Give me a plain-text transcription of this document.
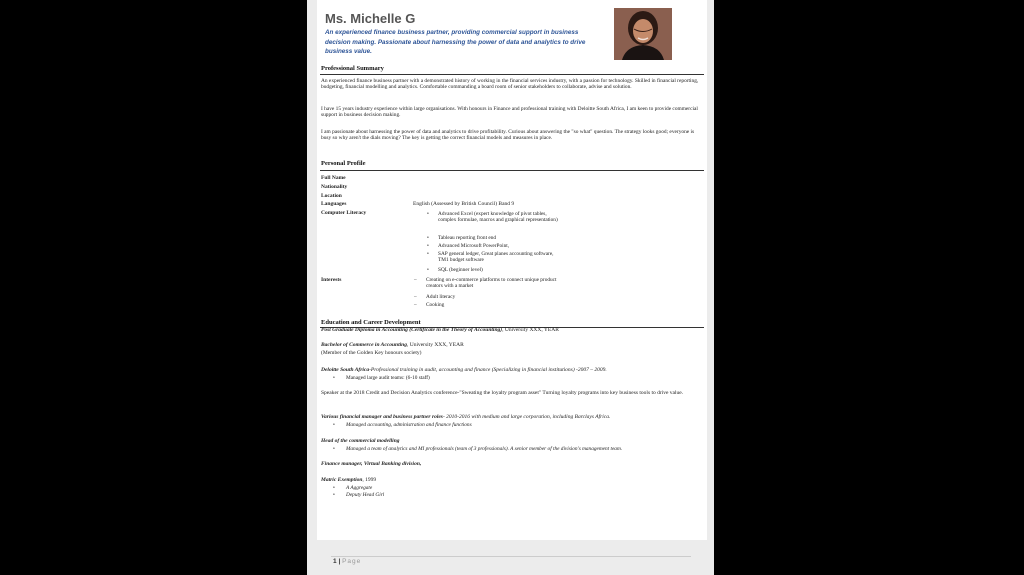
Ms. Michelle G
An experienced finance business partner, providing commercial support in business decision making. Passionate about harnessing the power of data and analytics to drive business value.
Professional Summary
An experienced finance business partner with a demonstrated history of working in the financial services industry, with a passion for technology. Skilled in financial reporting, budgeting, financial modelling and analytics. Comfortable commanding a board room of senior stakeholders to collaborate, advise and solution.
I have 15 years industry experience within large organisations. With honours in Finance and professional training with Deloitte South Africa, I am keen to provide commercial support in business decision making.
I am passionate about harnessing the power of data and analytics to drive profitability. Curious about answering the "so what" question. The strategy looks good; everyone is busy so why aren't the dials moving? The key is getting the correct financial models and measures in place.
Personal Profile
Full Name
Nationality
Location
Languages	English (Assessed by British Council) Band 9
Computer Literacy	• Advanced Excel (expert knowledge of pivot tables, complex formulae, macros and graphical representation)
• Tableau reporting front end
• Advanced Microsoft PowerPoint,
• SAP general ledger, Great planes accounting software, TM1 budget software
• SQL (beginner level)
Interests	– Creating on e-commerce platforms to connect unique product creators with a market
– Adult literacy
– Cooking
Education and Career Development
Post Graduate Diploma in Accounting (Certificate in the Theory of Accounting), University XXX, YEAR
Bachelor of Commerce in Accounting, University XXX, YEAR
(Member of the Golden Key honours society)
Deloitte South Africa-Professional training in audit, accounting and finance (Specializing in financial institutions) -2007 – 2009.
• Managed large audit teams: (6-10 staff)
Speaker at the 2018 Credit and Decision Analytics conference-"Sweating the loyalty program asset" Turning loyalty programs into key business tools to drive value.
Various financial manager and business partner roles- 2010-2016 with medium and large corporation, including Barclays Africa.
• Managed accounting, administration and finance functions
Head of the commercial modelling
• Managed a team of analytics and MI professionals (team of 3 professionals). A senior member of the division's management team.
Finance manager, Virtual Banking division,
Matric Exemption, 1999
• A Aggregate
• Deputy Head Girl
1 | Page
